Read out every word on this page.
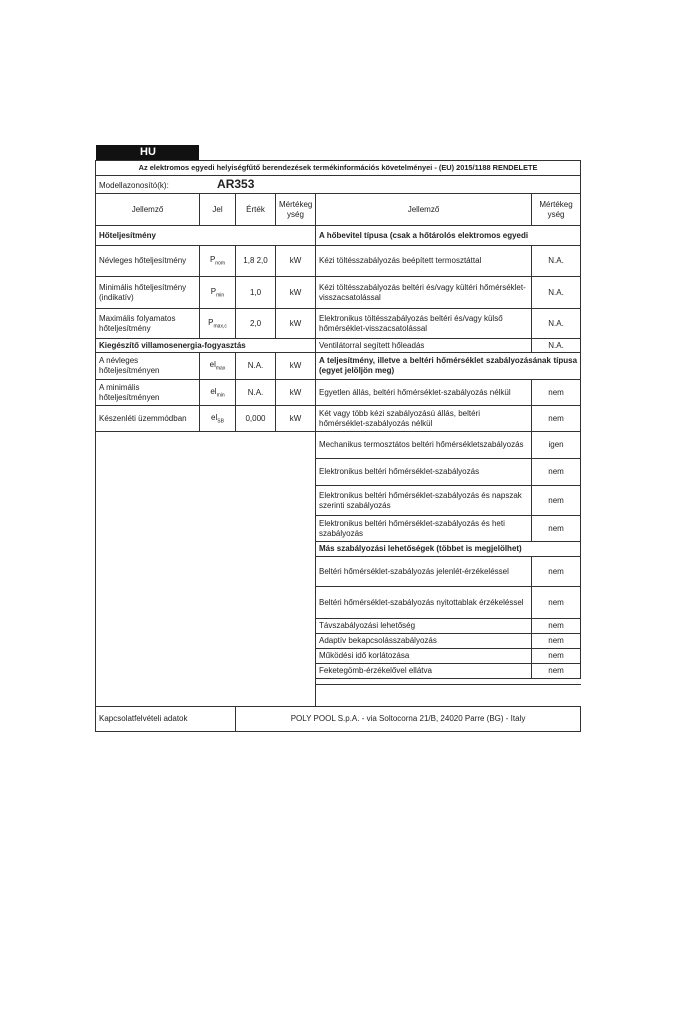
HU
Az elektromos egyedi helyiségfűtő berendezések termékinformációs követelményei - (EU) 2015/1188 RENDELETE					
Modellazonosító(k): AR353					
Jellemző	Jel	Érték	Mértékeg ység	Jellemző	Mértékeg ység
Hőteljesítmény				A hőbevitel típusa (csak a hőtárolós elektromos egyedi	
Névleges hőteljesítmény	$P_{nom}$	1,8 2,0	kW	Kézi töltésszabályozás beépített termosztáttal	N.A.
Minimális hőteljesítmény (indikatív)	$P_{min}$	1,0	kW	Kézi töltésszabályozás beltéri és/vagy kültéri hőmérséklet-visszacsatolással	N.A.
Maximális folyamatos hőteljesítmény	$P_{max,c}$	2,0	kW	Elektronikus töltésszabályozás beltéri és/vagy külső hőmérséklet-visszacsatolással	N.A.
Kiegészítő villamosenergia-fogyasztás				Ventilátorral segített hőleadás	N.A.
A névleges hőteljesítményen	$el_{max}$	N.A.	kW	A teljesítmény, illetve a beltéri hőmérséklet szabályozásának típusa (egyet jelöljön meg)	
A minimális hőteljesítményen	$el_{min}$	N.A.	kW	Egyetlen állás, beltéri hőmérséklet-szabályozás nélkül	nem
Készenléti üzemmódban	$el_{SB}$	0,000	kW	Két vagy több kézi szabályozású állás, beltéri hőmérséklet-szabályozás nélkül	nem
				Mechanikus termosztátos beltéri hőmérsékletszabályozás	igen
				Elektronikus beltéri hőmérséklet-szabályozás	nem
				Elektronikus beltéri hőmérséklet-szabályozás és napszak szerinti szabályozás	nem
				Elektronikus beltéri hőmérséklet-szabályozás és heti szabályozás	nem
				Más szabályozási lehetőségek (többet is megjelölhet)	
				Beltéri hőmérséklet-szabályozás jelenlét-érzékeléssel	nem
				Beltéri hőmérséklet-szabályozás nyitottablak érzékeléssel	nem
				Távszabályozási lehetőség	nem
				Adaptív bekapcsolásszabályozás	nem
				Működési idő korlátozása	nem
				Feketegömb-érzékelővel ellátva	nem

Kapcsolatfelvételi adatok		POLY POOL S.p.A. - via Soltocorna 21/B, 24020 Parre (BG) - Italy			
